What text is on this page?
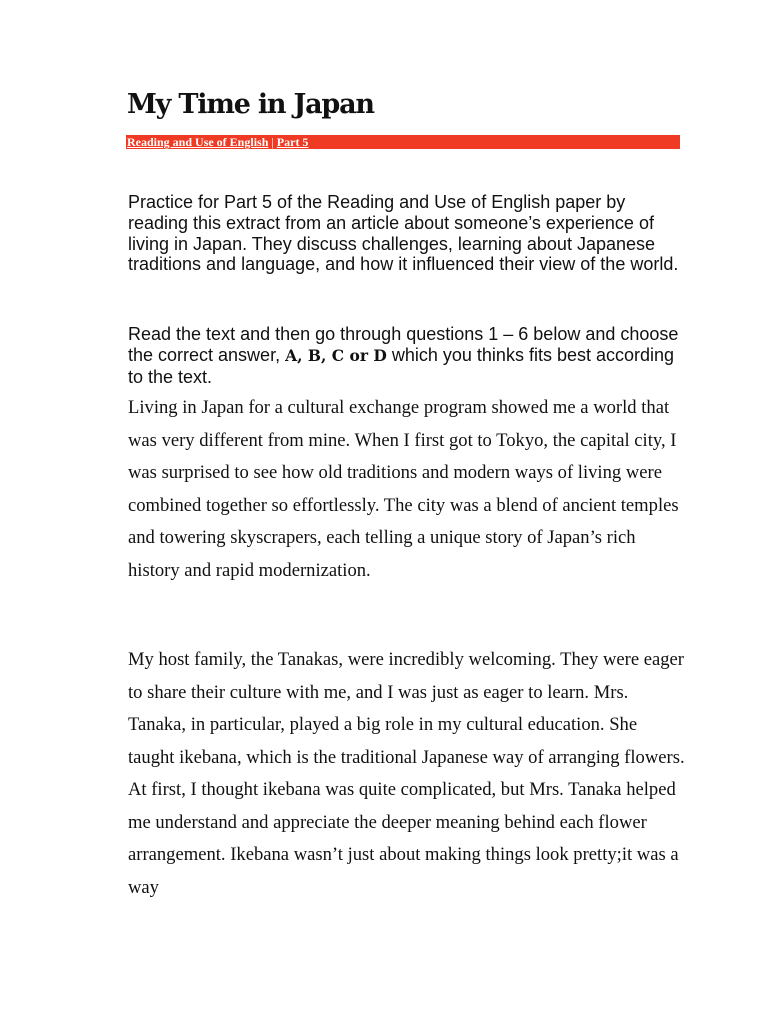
My Time in Japan
Reading and Use of English | Part 5

Practice for Part 5 of the Reading and Use of English paper by reading this extract from an article about someone’s experience of living in Japan. They discuss challenges, learning about Japanese traditions and language, and how it influenced their view of the world.

Read the text and then go through questions 1 – 6 below and choose the correct answer, A, B, C or D which you thinks fits best according to the text.

Living in Japan for a cultural exchange program showed me a world that was very different from mine. When I first got to Tokyo, the capital city, I was surprised to see how old traditions and modern ways of living were combined together so effortlessly. The city was a blend of ancient temples and towering skyscrapers, each telling a unique story of Japan’s rich history and rapid modernization.

My host family, the Tanakas, were incredibly welcoming. They were eager to share their culture with me, and I was just as eager to learn. Mrs. Tanaka, in particular, played a big role in my cultural education. She taught ikebana, which is the traditional Japanese way of arranging flowers. At first, I thought ikebana was quite complicated, but Mrs. Tanaka helped me understand and appreciate the deeper meaning behind each flower arrangement. Ikebana wasn’t just about making things look pretty;it was a way
